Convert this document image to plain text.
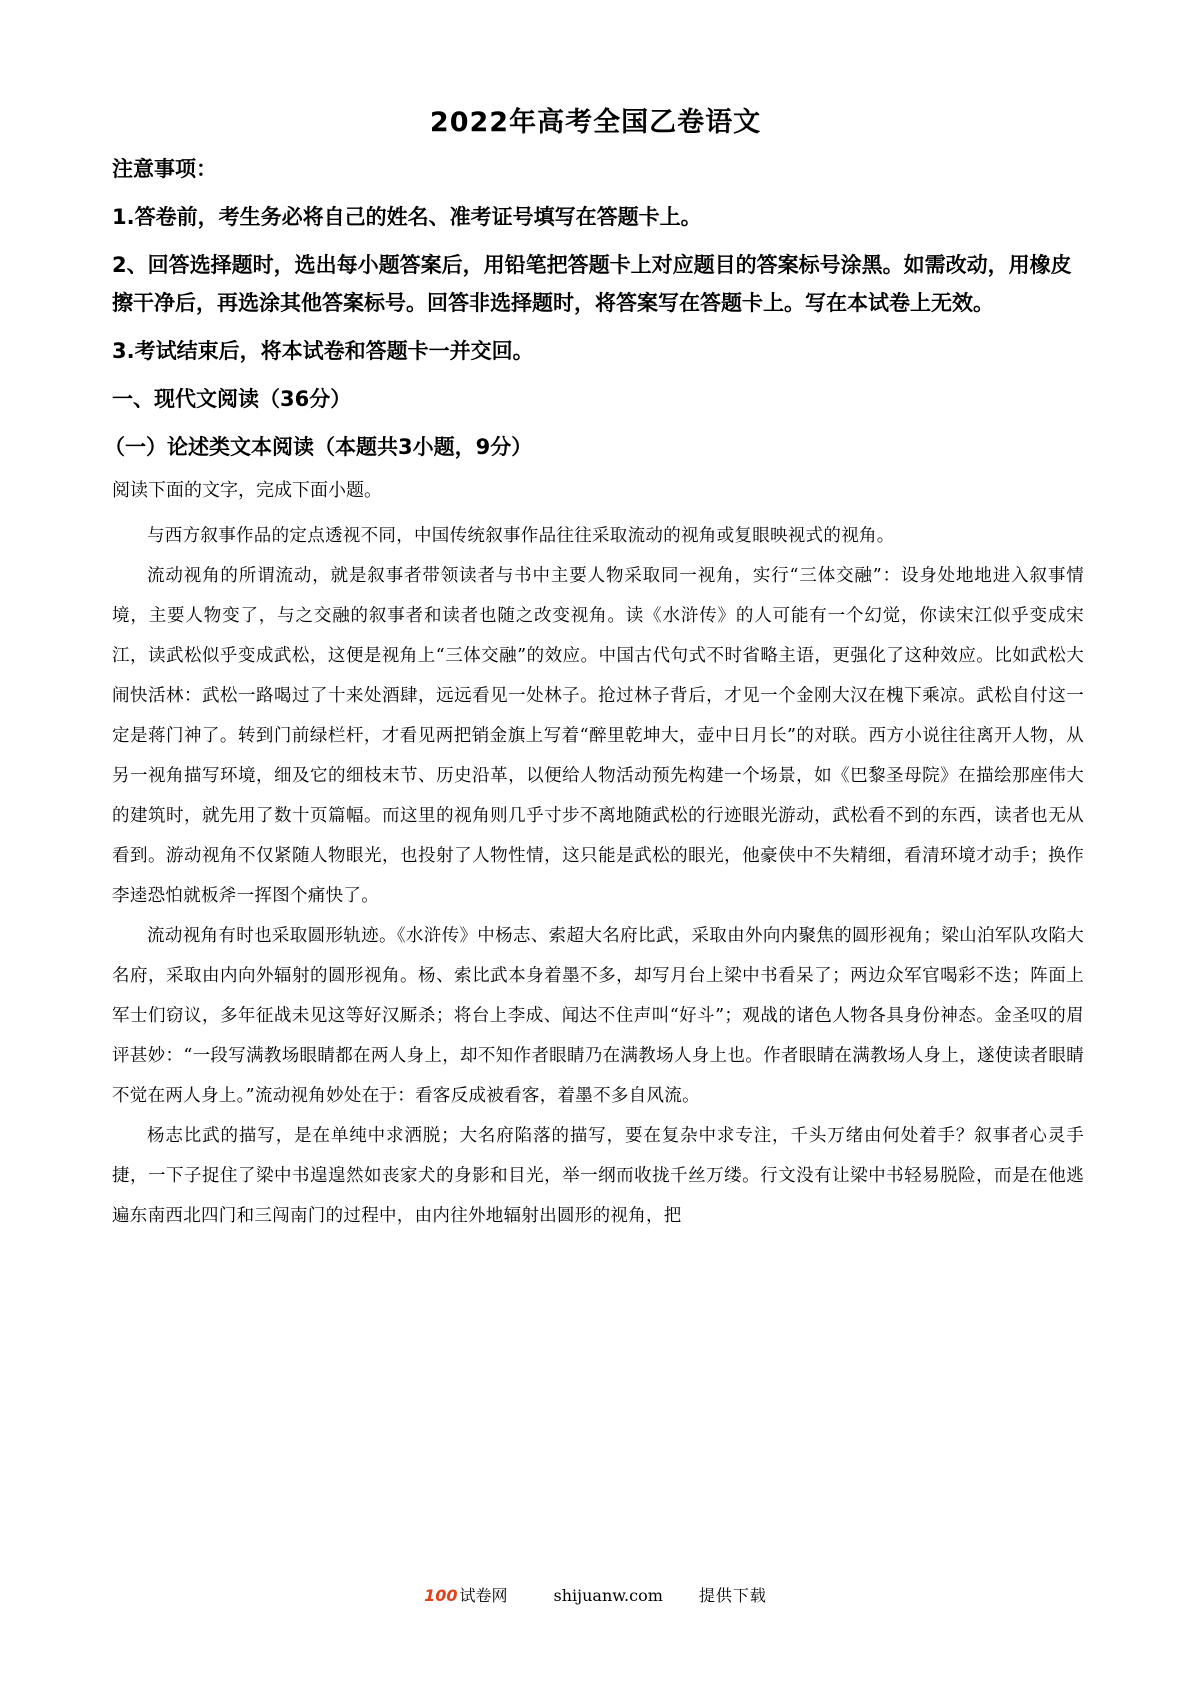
2022年高考全国乙卷语文
注意事项：
1.答卷前，考生务必将自己的姓名、准考证号填写在答题卡上。
2、回答选择题时，选出每小题答案后，用铅笔把答题卡上对应题目的答案标号涂黑。如需改动，用橡皮擦干净后，再选涂其他答案标号。回答非选择题时，将答案写在答题卡上。写在本试卷上无效。
3.考试结束后，将本试卷和答题卡一并交回。
一、现代文阅读（36分）
（一）论述类文本阅读（本题共3小题，9分）
阅读下面的文字，完成下面小题。

与西方叙事作品的定点透视不同，中国传统叙事作品往往采取流动的视角或复眼映视式的视角。

流动视角的所谓流动，就是叙事者带领读者与书中主要人物采取同一视角，实行“三体交融”：设身处地地进入叙事情境，主要人物变了，与之交融的叙事者和读者也随之改变视角。读《水浒传》的人可能有一个幻觉，你读宋江似乎变成宋江，读武松似乎变成武松，这便是视角上“三体交融”的效应。中国古代句式不时省略主语，更强化了这种效应。比如武松大闹快活林：武松一路喝过了十来处酒肆，远远看见一处林子。抢过林子背后，才见一个金刚大汉在槐下乘凉。武松自付这一定是蒋门神了。转到门前绿栏杆，才看见两把销金旗上写着“醉里乾坤大，壶中日月长”的对联。西方小说往往离开人物，从另一视角描写环境，细及它的细枝末节、历史沿革，以便给人物活动预先构建一个场景，如《巴黎圣母院》在描绘那座伟大的建筑时，就先用了数十页篇幅。而这里的视角则几乎寸步不离地随武松的行迹眼光游动，武松看不到的东西，读者也无从看到。游动视角不仅紧随人物眼光，也投射了人物性情，这只能是武松的眼光，他豪侠中不失精细，看清环境才动手；换作李逵恐怕就板斧一挥图个痛快了。

流动视角有时也采取圆形轨迹。《水浒传》中杨志、索超大名府比武，采取由外向内聚焦的圆形视角；梁山泊军队攻陷大名府，采取由内向外辐射的圆形视角。杨、索比武本身着墨不多，却写月台上梁中书看呆了；两边众军官喝彩不迭；阵面上军士们窃议，多年征战未见这等好汉厮杀；将台上李成、闻达不住声叫“好斗”；观战的诸色人物各具身份神态。金圣叹的眉评甚妙：“一段写满教场眼睛都在两人身上，却不知作者眼睛乃在满教场人身上也。作者眼睛在满教场人身上，遂使读者眼睛不觉在两人身上。”流动视角妙处在于：看客反成被看客，着墨不多自风流。

杨志比武的描写，是在单纯中求洒脱；大名府陷落的描写，要在复杂中求专注，千头万绪由何处着手？叙事者心灵手捷，一下子捉住了梁中书遑遑然如丧家犬的身影和目光，举一纲而收拢千丝万缕。行文没有让梁中书轻易脱险，而是在他逃遍东南西北四门和三闯南门的过程中，由内往外地辐射出圆形的视角，把

100 试卷网	shijuanw.com 提供下载
